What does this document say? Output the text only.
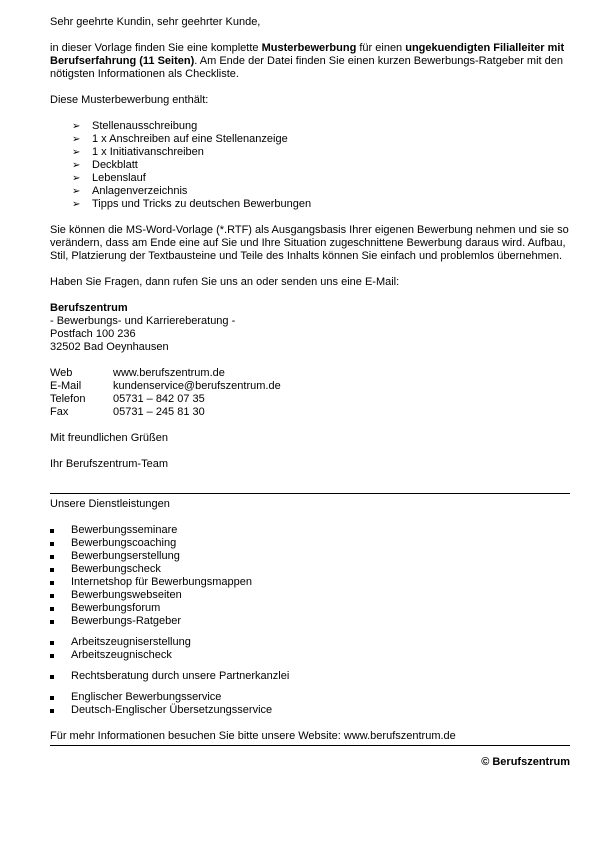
Sehr geehrte Kundin, sehr geehrter Kunde,

in dieser Vorlage finden Sie eine komplette Musterbewerbung für einen ungekuendigten Filialleiter mit Berufserfahrung (11 Seiten). Am Ende der Datei finden Sie einen kurzen Bewerbungs-Ratgeber mit den nötigsten Informationen als Checkliste.

Diese Musterbewerbung enthält:

➢ Stellenausschreibung
➢ 1 x Anschreiben auf eine Stellenanzeige
➢ 1 x Initiativanschreiben
➢ Deckblatt
➢ Lebenslauf
➢ Anlagenverzeichnis
➢ Tipps und Tricks zu deutschen Bewerbungen

Sie können die MS-Word-Vorlage (*.RTF) als Ausgangsbasis Ihrer eigenen Bewerbung nehmen und sie so verändern, dass am Ende eine auf Sie und Ihre Situation zugeschnittene Bewerbung daraus wird. Aufbau, Stil, Platzierung der Textbausteine und Teile des Inhalts können Sie einfach und problemlos übernehmen.

Haben Sie Fragen, dann rufen Sie uns an oder senden uns eine E-Mail:

Berufszentrum

- Bewerbungs- und Karriereberatung -

Postfach 100 236

32502 Bad Oeynhausen

Web	www.berufszentrum.de
E-Mail	kundenservice@berufszentrum.de
Telefon	05731 – 842 07 35
Fax	05731 – 245 81 30

Mit freundlichen Grüßen

Ihr Berufszentrum-Team

Unsere Dienstleistungen

Bewerbungsseminare
Bewerbungscoaching
Bewerbungserstellung
Bewerbungscheck
Internetshop für Bewerbungsmappen
Bewerbungswebseiten
Bewerbungsforum
Bewerbungs-Ratgeber
Arbeitszeugniserstellung
Arbeitszeugnischeck
Rechtsberatung durch unsere Partnerkanzlei
Englischer Bewerbungsservice
Deutsch-Englischer Übersetzungsservice

Für mehr Informationen besuchen Sie bitte unsere Website: www.berufszentrum.de

© Berufszentrum
